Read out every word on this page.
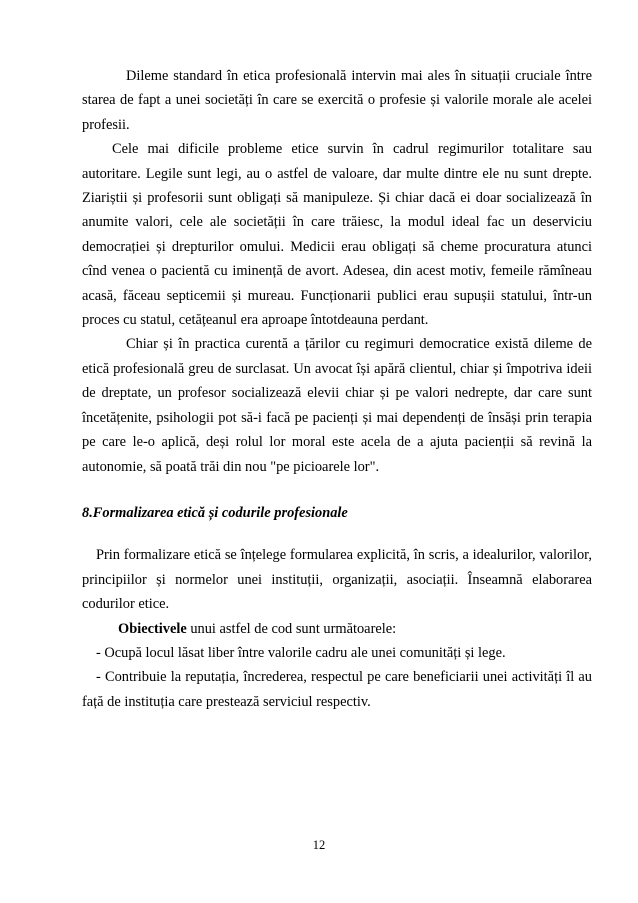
Dileme standard în etica profesională intervin mai ales în situații cruciale între starea de fapt a unei societăți în care se exercită o profesie și valorile morale ale acelei profesii.

Cele mai dificile probleme etice survin în cadrul regimurilor totalitare sau autoritare. Legile sunt legi, au o astfel de valoare, dar multe dintre ele nu sunt drepte. Ziariștii și profesorii sunt obligați să manipuleze. Și chiar dacă ei doar socializează în anumite valori, cele ale societății în care trăiesc, la modul ideal fac un deserviciu democrației și drepturilor omului. Medicii erau obligați să cheme procuratura atunci cînd venea o pacientă cu iminență de avort. Adesea, din acest motiv, femeile rămîneau acasă, făceau septicemii și mureau. Funcționarii publici erau supușii statului, într-un proces cu statul, cetățeanul era aproape întotdeauna perdant.

Chiar și în practica curentă a țărilor cu regimuri democratice există dileme de etică profesională greu de surclasat. Un avocat își apără clientul, chiar și împotriva ideii de dreptate, un profesor socializează elevii chiar și pe valori nedrepte, dar care sunt încetățenite, psihologii pot să-i facă pe pacienți și mai dependenți de însăși prin terapia pe care le-o aplică, deși rolul lor moral este acela de a ajuta pacienții să revină la autonomie, să poată trăi din nou "pe picioarele lor".

8.Formalizarea etică și codurile profesionale

Prin formalizare etică se înțelege formularea explicită, în scris, a idealurilor, valorilor, principiilor și normelor unei instituții, organizații, asociații. Înseamnă elaborarea codurilor etice.

Obiectivele unui astfel de cod sunt următoarele:

- Ocupă locul lăsat liber între valorile cadru ale unei comunități și lege.

- Contribuie la reputația, încrederea, respectul pe care beneficiarii unei activități îl au față de instituția care prestează serviciul respectiv.

12
